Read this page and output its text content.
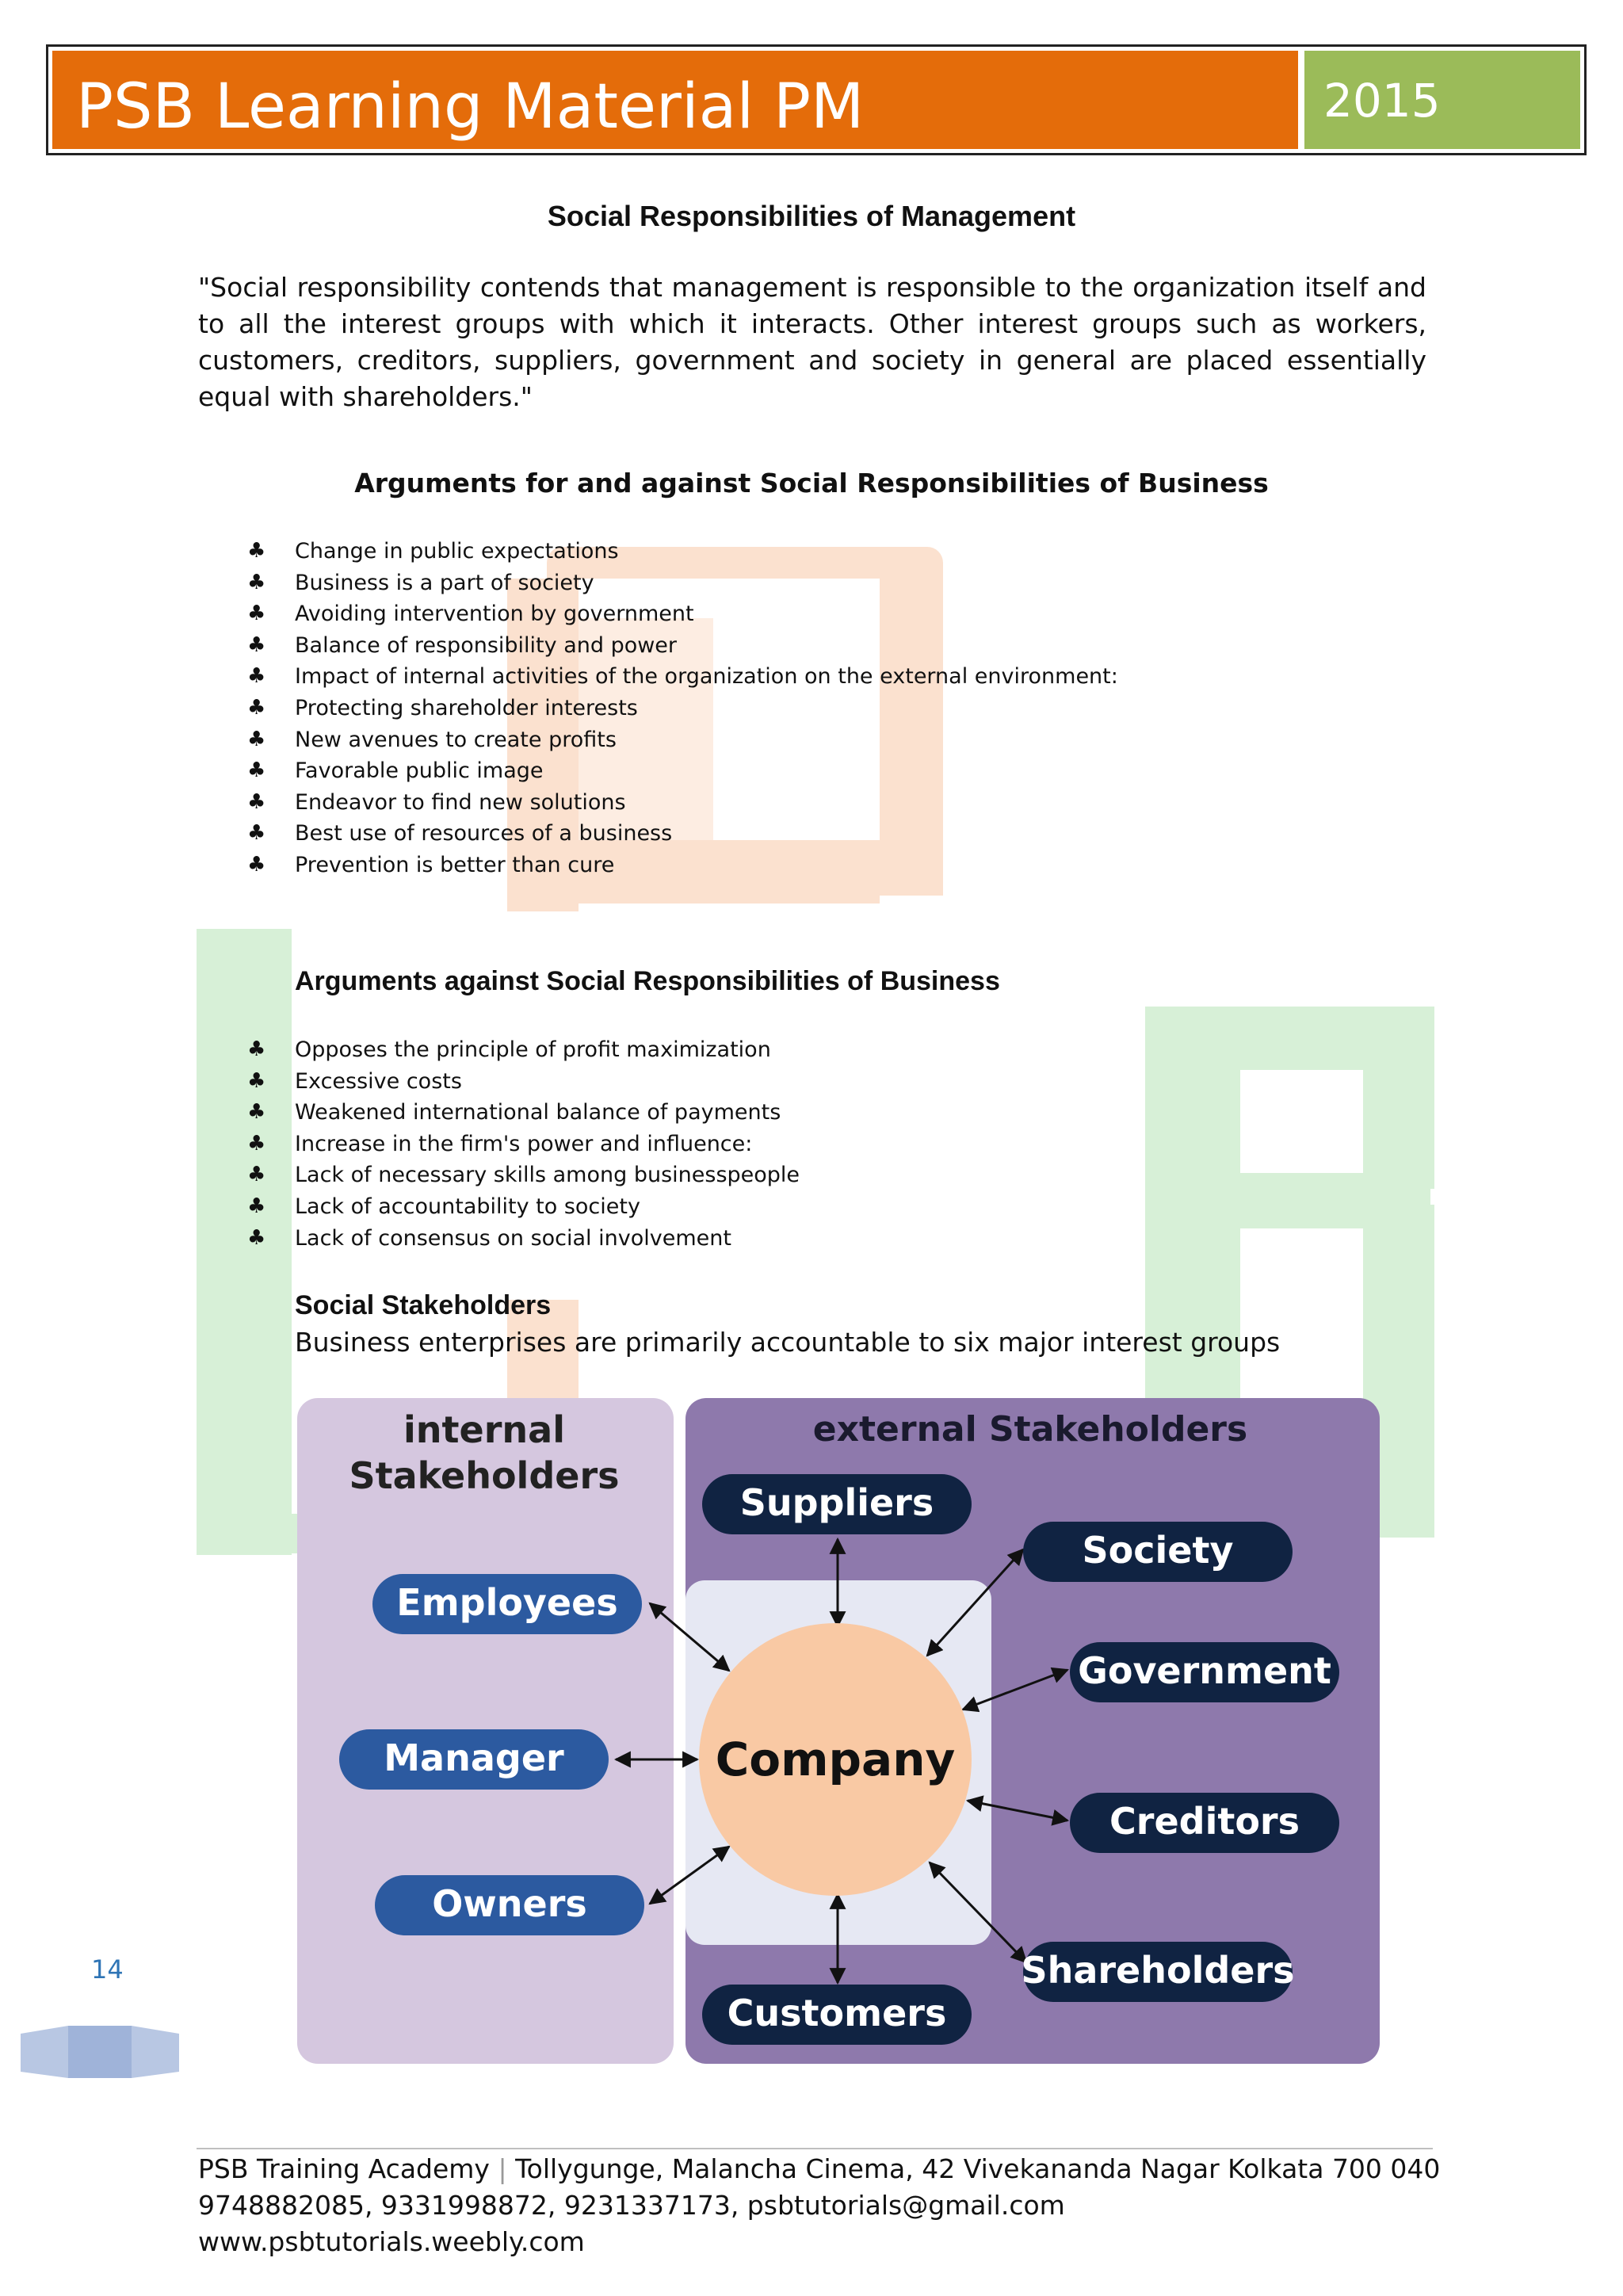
PSB Learning Material PM	2015
Social Responsibilities of Management
"Social responsibility contends that management is responsible to the organization itself and to all the interest groups with which it interacts. Other interest groups such as workers, customers, creditors, suppliers, government and society in general are placed essentially equal with shareholders."
Arguments for and against Social Responsibilities of Business
♣ Change in public expectations
♣ Business is a part of society
♣ Avoiding intervention by government
♣ Balance of responsibility and power
♣ Impact of internal activities of the organization on the external environment:
♣ Protecting shareholder interests
♣ New avenues to create profits
♣ Favorable public image
♣ Endeavor to find new solutions
♣ Best use of resources of a business
♣ Prevention is better than cure
Arguments against Social Responsibilities of Business
♣ Opposes the principle of profit maximization
♣ Excessive costs
♣ Weakened international balance of payments
♣ Increase in the firm's power and influence:
♣ Lack of necessary skills among businesspeople
♣ Lack of accountability to society
♣ Lack of consensus on social involvement
Social Stakeholders
Business enterprises are primarily accountable to six major interest groups
internal
Stakeholders
external Stakeholders
Company
Employees
Manager
Owners
Suppliers
Society
Government
Creditors
Shareholders
Customers
14
PSB Training Academy | Tollygunge, Malancha Cinema, 42 Vivekananda Nagar Kolkata 700 040
9748882085, 9331998872, 9231337173, psbtutorials@gmail.com
www.psbtutorials.weebly.com
